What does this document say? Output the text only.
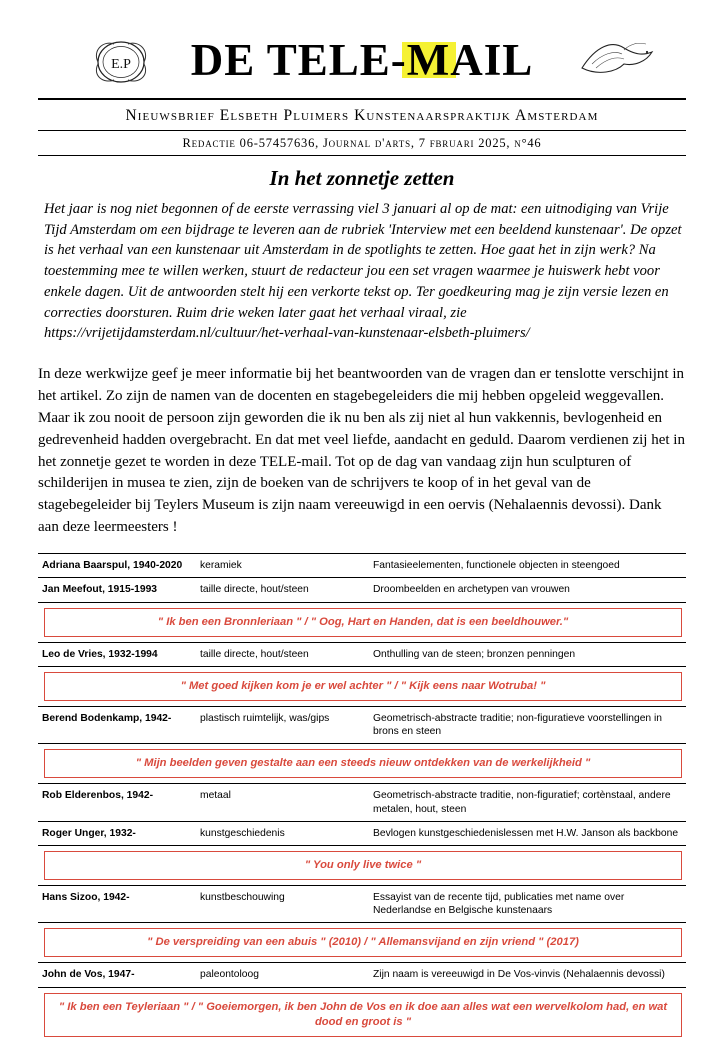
E.P	DE TELE-MAIL
Nieuwsbrief Elsbeth Pluimers Kunstenaarspraktijk Amsterdam
Redactie 06-57457636, Journal d'arts, 7 fbruari 2025, n°46
In het zonnetje zetten
Het jaar is nog niet begonnen of de eerste verrassing viel 3 januari al op de mat: een uitnodiging van Vrije Tijd Amsterdam om een bijdrage te leveren aan de rubriek 'Interview met een beeldend kunstenaar'. De opzet is het verhaal van een kunstenaar uit Amsterdam in de spotlights te zetten. Hoe gaat het in zijn werk? Na toestemming mee te willen werken, stuurt de redacteur jou een set vragen waarmee je huiswerk hebt voor enkele dagen. Uit de antwoorden stelt hij een verkorte tekst op. Ter goedkeuring mag je zijn versie lezen en correcties doorsturen. Ruim drie weken later gaat het verhaal viraal, zie
https://vrijetijdamsterdam.nl/cultuur/het-verhaal-van-kunstenaar-elsbeth-pluimers/
In deze werkwijze geef je meer informatie bij het beantwoorden van de vragen dan er tenslotte verschijnt in het artikel. Zo zijn de namen van de docenten en stagebegeleiders die mij hebben opgeleid weggevallen. Maar ik zou nooit de persoon zijn geworden die ik nu ben als zij niet al hun vakkennis, bevlogenheid en gedrevenheid hadden overgebracht. En dat met veel liefde, aandacht en geduld. Daarom verdienen zij het in het zonnetje gezet te worden in deze TELE-mail. Tot op de dag van vandaag zijn hun sculpturen of schilderijen in musea te zien, zijn de boeken van de schrijvers te koop of in het geval van de stagebegeleider bij Teylers Museum is zijn naam vereeuwigd in een oervis (Nehalaennis devossi). Dank aan deze leermeesters !
Adriana Baarspul, 1940-2020	keramiek	Fantasieelementen, functionele objecten in steengoed
Jan Meefout, 1915-1993	taille directe, hout/steen	Droombeelden en archetypen van vrouwen

" Ik ben een Bronnleriaan " / " Oog, Hart en Handen, dat is een beeldhouwer."		

Leo de Vries, 1932-1994	taille directe, hout/steen	Onthulling van de steen; bronzen penningen

" Met goed kijken kom je er wel achter " / " Kijk eens naar Wotruba! "		

Berend Bodenkamp, 1942-	plastisch ruimtelijk, was/gips	Geometrisch-abstracte traditie; non-figuratieve voorstellingen in brons en steen

" Mijn beelden geven gestalte aan een steeds nieuw ontdekken van de werkelijkheid "		

Rob Elderenbos, 1942-	metaal	Geometrisch-abstracte traditie, non-figuratief; cortènstaal, andere metalen, hout, steen
Roger Unger, 1932-	kunstgeschiedenis	Bevlogen kunstgeschiedenislessen met H.W. Janson als backbone

" You only live twice "		

Hans Sizoo, 1942-	kunstbeschouwing	Essayist van de recente tijd, publicaties met name over Nederlandse en Belgische kunstenaars

" De verspreiding van een abuis " (2010) / " Allemansvijand en zijn vriend " (2017)		

John de Vos, 1947-	paleontoloog	Zijn naam is vereeuwigd in De Vos-vinvis (Nehalaennis devossi)

" Ik ben een Teyleriaan " / " Goeiemorgen, ik ben John de Vos en ik doe aan alles wat een wervelkolom had, en wat dood en groot is "		
